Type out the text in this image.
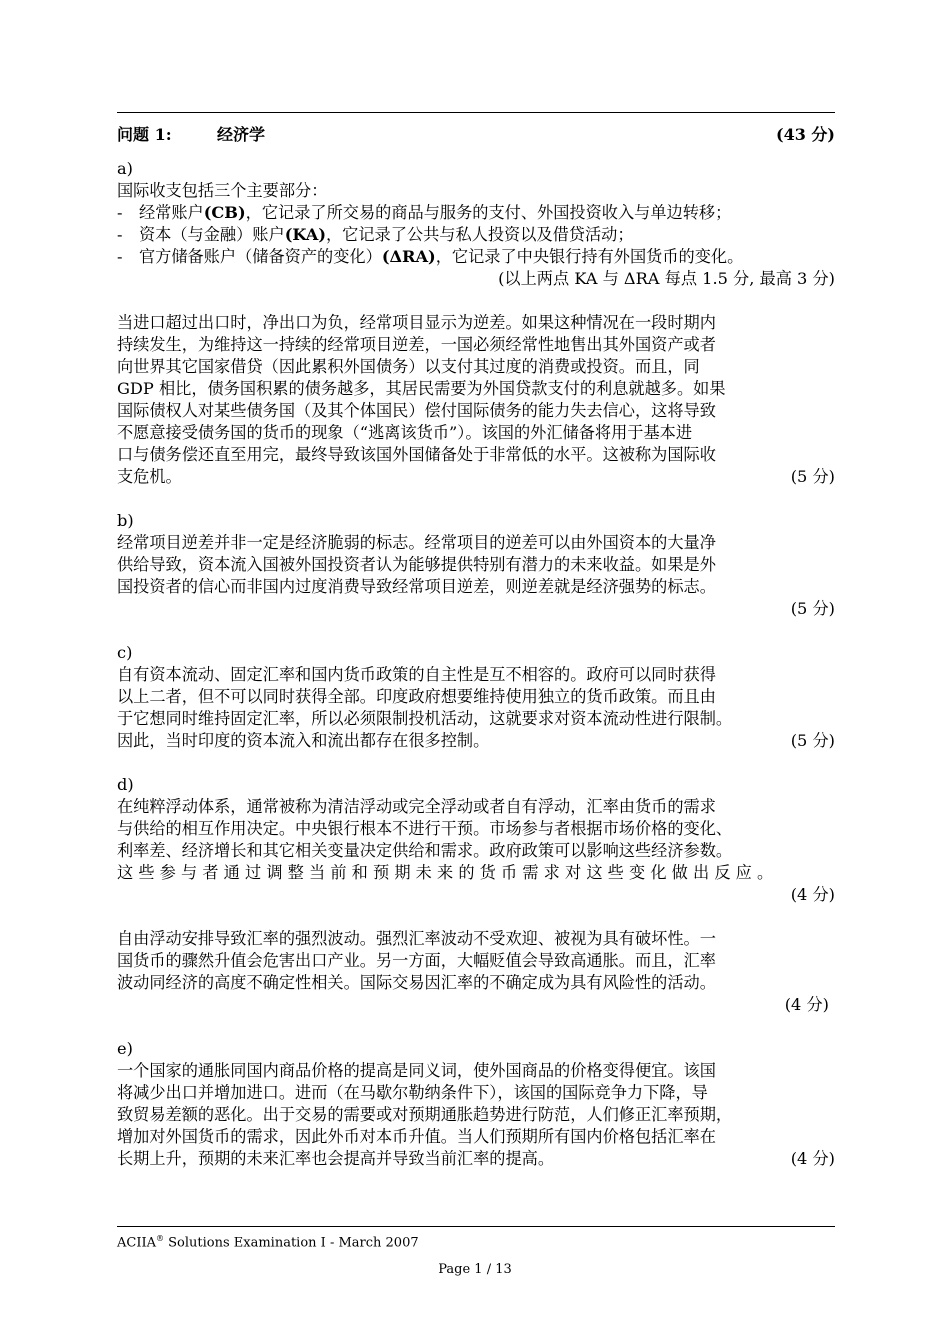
问题 1:	经济学	(43 分)
a)
国际收支包括三个主要部分：
-	经常账户(CB)，它记录了所交易的商品与服务的支付、外国投资收入与单边转移；
-	资本（与金融）账户(KA)，它记录了公共与私人投资以及借贷活动；
-	官方储备账户（储备资产的变化）(ΔRA)，它记录了中央银行持有外国货币的变化。
(以上两点 KA 与 ΔRA 每点 1.5 分, 最高 3 分)
当进口超过出口时，净出口为负，经常项目显示为逆差。如果这种情况在一段时期内
持续发生，为维持这一持续的经常项目逆差，一国必须经常性地售出其外国资产或者
向世界其它国家借贷（因此累积外国债务）以支付其过度的消费或投资。而且，同
GDP 相比，债务国积累的债务越多，其居民需要为外国贷款支付的利息就越多。如果
国际债权人对某些债务国（及其个体国民）偿付国际债务的能力失去信心，这将导致
不愿意接受债务国的货币的现象（“逃离该货币”）。该国的外汇储备将用于基本进
口与债务偿还直至用完，最终导致该国外国储备处于非常低的水平。这被称为国际收
支危机。	(5 分)
b)
经常项目逆差并非一定是经济脆弱的标志。经常项目的逆差可以由外国资本的大量净
供给导致，资本流入国被外国投资者认为能够提供特别有潜力的未来收益。如果是外
国投资者的信心而非国内过度消费导致经常项目逆差，则逆差就是经济强势的标志。
(5 分)
c)
自有资本流动、固定汇率和国内货币政策的自主性是互不相容的。政府可以同时获得
以上二者，但不可以同时获得全部。印度政府想要维持使用独立的货币政策。而且由
于它想同时维持固定汇率，所以必须限制投机活动，这就要求对资本流动性进行限制。
因此，当时印度的资本流入和流出都存在很多控制。	(5 分)
d)
在纯粹浮动体系，通常被称为清洁浮动或完全浮动或者自有浮动，汇率由货币的需求
与供给的相互作用决定。中央银行根本不进行干预。市场参与者根据市场价格的变化、
利率差、经济增长和其它相关变量决定供给和需求。政府政策可以影响这些经济参数。
这 些 参 与 者 通 过 调 整 当 前 和 预 期 未 来 的 货 币 需 求 对 这 些 变 化 做 出 反 应 。
(4 分)
自由浮动安排导致汇率的强烈波动。强烈汇率波动不受欢迎、被视为具有破坏性。一
国货币的骤然升值会危害出口产业。另一方面，大幅贬值会导致高通胀。而且，汇率
波动同经济的高度不确定性相关。国际交易因汇率的不确定成为具有风险性的活动。
(4 分)
e)
一个国家的通胀同国内商品价格的提高是同义词，使外国商品的价格变得便宜。该国
将减少出口并增加进口。进而（在马歇尔勒纳条件下），该国的国际竞争力下降，导
致贸易差额的恶化。出于交易的需要或对预期通胀趋势进行防范，人们修正汇率预期，
增加对外国货币的需求，因此外币对本币升值。当人们预期所有国内价格包括汇率在
长期上升，预期的未来汇率也会提高并导致当前汇率的提高。	(4 分)
ACIIA® Solutions Examination I - March 2007
Page 1 / 13
